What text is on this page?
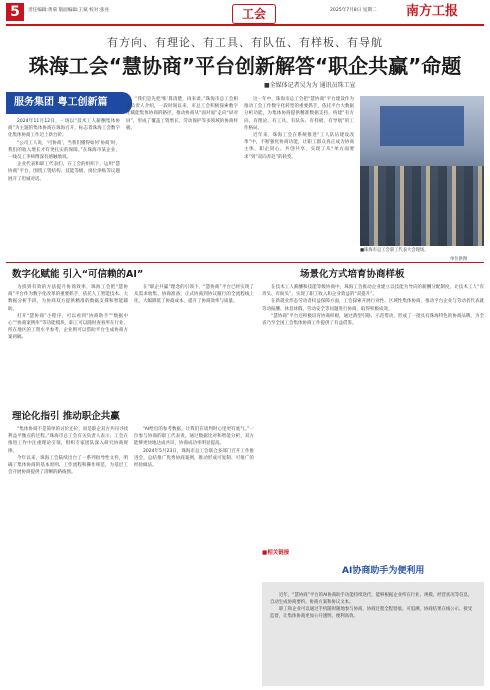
5	责任编辑:黄菊 版面编辑:王斌 校对:张亮	工会	2025年7月8日 星期二 南方工报
有方向、有理论、有工具、有队伍、有样板、有导航
珠海工会“慧协商”平台创新解答“职企共赢”命题
■全媒体记者吴为为 通讯员珠工宣
服务集团 粤工创新篇

2024年11月12日，一场以“技术工人薪酬集体协商”为主题的集体协商在珠海召开，标志着珠海工会数字化集体协商工作迈上新台阶。

“公司工人说，‘可协商’，当我们懂得如何‘协商’时，我们的收入增长才有更扎实的保障。”在珠海市某企业，一线员工李师傅深有感触地说。

企业代表和职工代表们，在工会的组织下，运用“慧协商”平台，围绕工资结构、技能等级、岗位津贴等议题展开了坦诚对话。

“我们是先把‘账’算清楚，再来谈。”珠海市总工会相关负责人介绍，一段时间以来，市总工会积极探索数字化赋能集体协商的路径，推动协商从“面对面”走向“屏对屏”，形成了覆盖工资增长、劳动保护等多领域的协商样板。

这一年中，珠海市总工会把“慧协商”平台建设作为推动工会工作数字化转型的重要抓手，依托平台大数据分析功能，为集体协商提供精准数据支持，构建“有方向、有理论、有工具、有队伍、有样板、有导航”的工作格局。

近年来，珠海工会在系统推进“工人队伍建设改革”中，不断强化协商功能，让职工群众真正成为协商主体，职企同心、共创共享，实现了从“单方面要求”到“双向奔赴”的转变。

■珠海市总工会职工代表大会现场。
单位供图
数字化赋能 引入“可信赖的AI”

为找到有效的方法提升协商效率，珠海工会把“慧协商”平台作为数字化改革的重要抓手，依托人工智能技术、大数据分析手段，为协商双方提供精准的数据支撑和智能辅助。

打开“慧协商”小程序，可以看到“协商助手”“数据中心”“协商案例库”等功能模块，职工可以随时查看所在行业、所在地区的工资水平参考，企业则可以借助平台生成协商方案初稿。

在“职企共赢”理念的引领下，“慧协商”平台已经实现了从需求收集、协商准备、正式协商到协议履行的全流程线上化，大幅降低了协商成本，提升了协商效率与质量。

场景化方式培育协商样板

在技术工人薪酬和技能等级协商中，珠海工会推动企业建立以技能为导向的薪酬分配制度，让技术工人“有奔头、有盼头”，实现了职工收入和企业效益的“双提升”。

在新就业形态劳动者权益保障方面，工会探索开展行业性、区域性集体协商，推动平台企业与劳动者代表就劳动报酬、休息休假、劳动安全等问题进行协商，取得积极成效。

“慧协商”平台还积极培育协商样板，通过典型引路、示范带动，形成了一批具有珠海特色的协商品牌，为全省乃至全国工会集体协商工作提供了有益借鉴。

理论化指引 推动职企共赢

“集体协商不是简单的讨价还价，而是职企双方共同寻找利益平衡点的过程。”珠海市总工会有关负责人表示，工会在推进工作中注重理论引领，组织专家团队深入研究协商规律。

今年以来，珠海工会陆续出台了一系列指导性文件，明确了集体协商的基本原则、工作流程和操作规范，为基层工会开展协商提供了清晰的路线图。

“AI给出的参考数据，让我们在谈判时心里更有底气。”一位参与协商的职工代表说。通过数据比对和智能分析，双方能够更快地达成共识，协商成功率明显提高。

2024年5月23日，珠海市总工会联合多部门召开工作推进会，总结推广优秀协商案例，推动形成可复制、可推广的经验做法。

■相关链接
AI协商助手为便利用

近年，“慧协商”平台的AI协商助手功能持续迭代，能够根据企业所在行业、规模、经营状况等信息，自动生成协商要约、协商方案和协议文本。

职工和企业可以通过手机随时随地参与协商，协商过程全程留痕、可追溯，协商结果在线公示、接受监督，让集体协商更加公开透明、便利高效。
